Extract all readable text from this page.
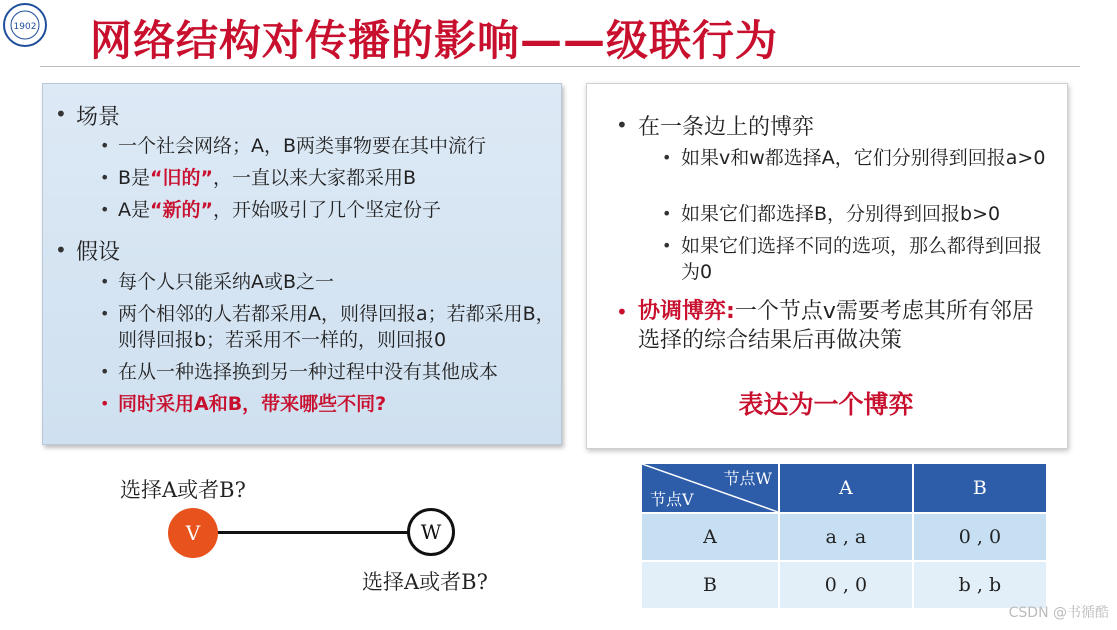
1902 网络结构对传播的影响——级联行为
• 场景
• 一个社会网络；A，B两类事物要在其中流行
• B是“旧的”，一直以来大家都采用B
• A是“新的”，开始吸引了几个坚定份子
• 假设
• 每个人只能采纳A或B之一
• 两个相邻的人若都采用A，则得回报a；若都采用B，则得回报b；若采用不一样的，则回报0
• 在从一种选择换到另一种过程中没有其他成本
• 同时采用A和B，带来哪些不同?
• 在一条边上的博弈
• 如果v和w都选择A，它们分别得到回报a>0
• 如果它们都选择B，分别得到回报b>0
• 如果它们选择不同的选项，那么都得到回报为0
• 协调博弈:一个节点v需要考虑其所有邻居选择的综合结果后再做决策
表达为一个博弈
选择A或者B?
V	W
选择A或者B?
节点W
节点V	A	B
A	a , a	0 , 0
B	0 , 0	b , b
CSDN @书循酷
